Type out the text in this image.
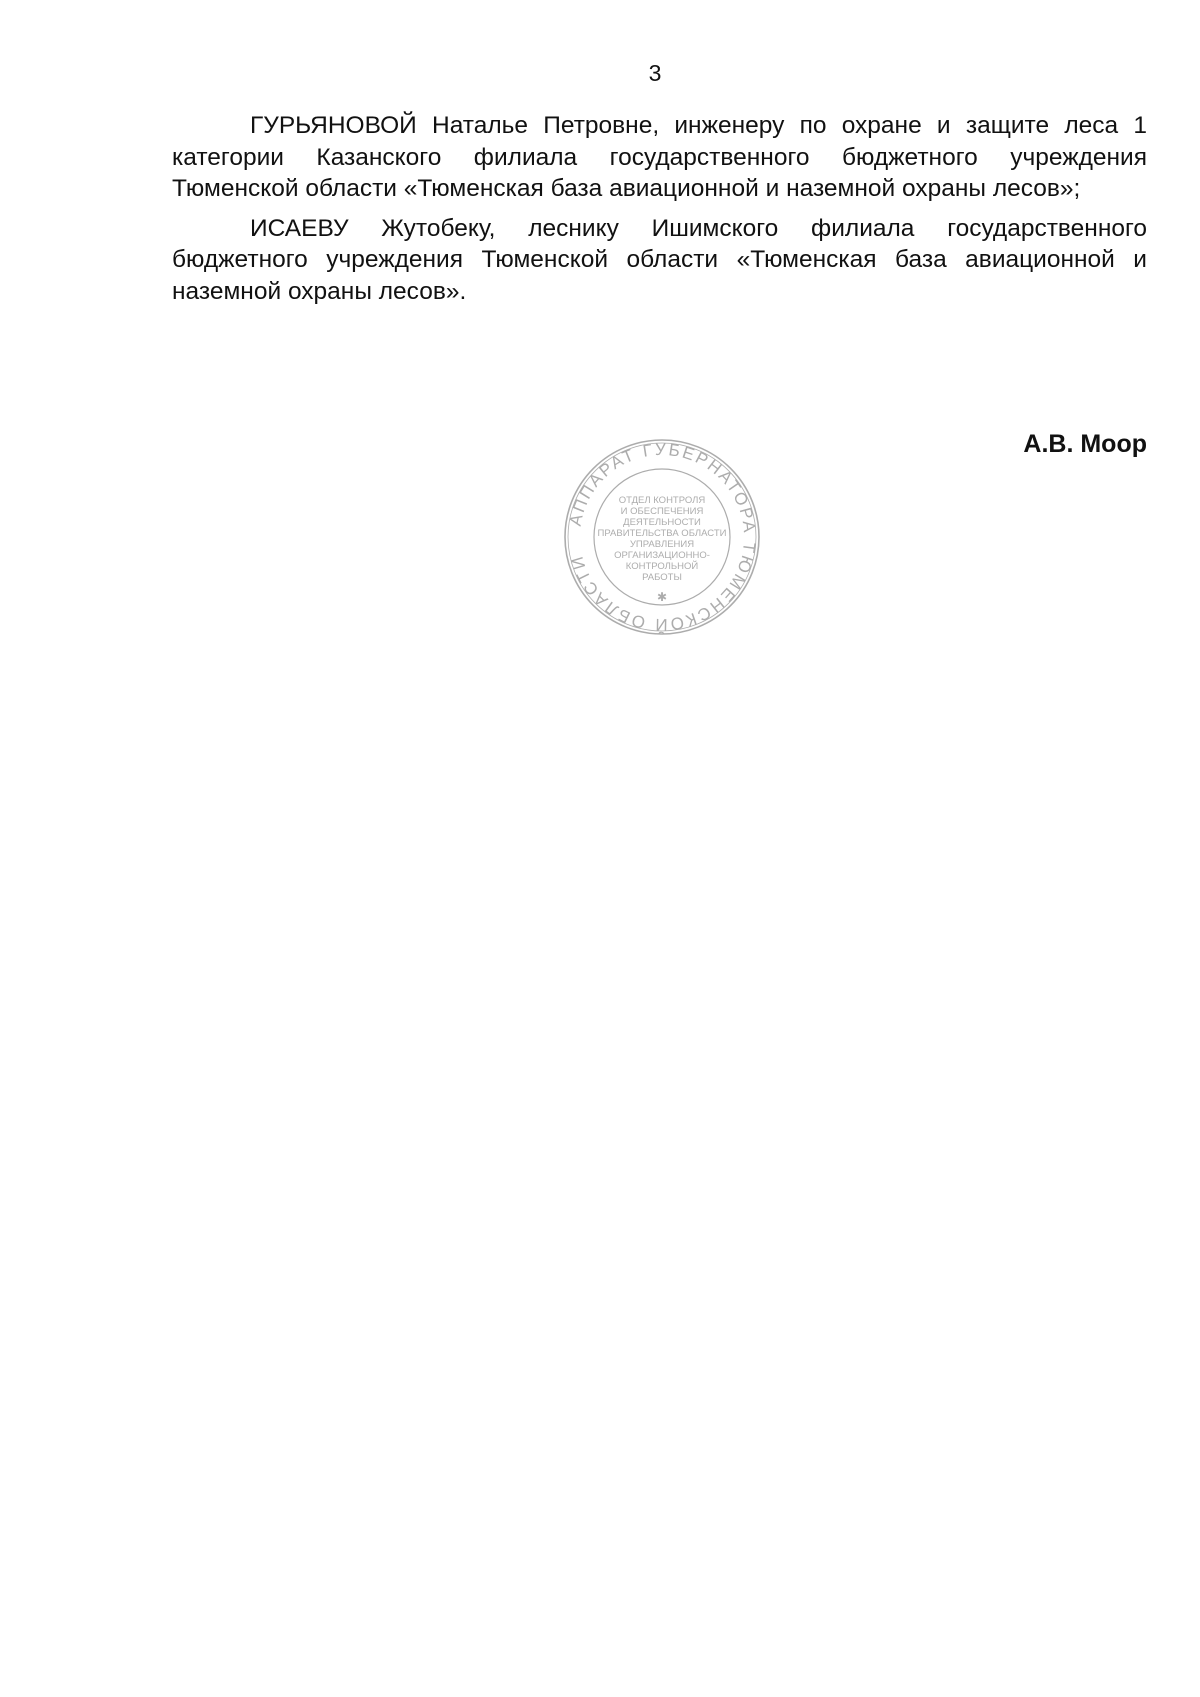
3

ГУРЬЯНОВОЙ Наталье Петровне, инженеру по охране и защите леса 1 категории Казанского филиала государственного бюджетного учреждения Тюменской области «Тюменская база авиационной и наземной охраны лесов»;

ИСАЕВУ Жутобеку, леснику Ишимского филиала государственного бюджетного учреждения Тюменской области «Тюменская база авиационной и наземной охраны лесов».

А.В. Моор
АППАРАТ ГУБЕРНАТОРА ТЮМЕНСКОЙ ОБЛАСТИ
✱
ОТДЕЛ КОНТРОЛЯ
И ОБЕСПЕЧЕНИЯ
ДЕЯТЕЛЬНОСТИ
ПРАВИТЕЛЬСТВА ОБЛАСТИ
УПРАВЛЕНИЯ
ОРГАНИЗАЦИОННО-
КОНТРОЛЬНОЙ
РАБОТЫ
